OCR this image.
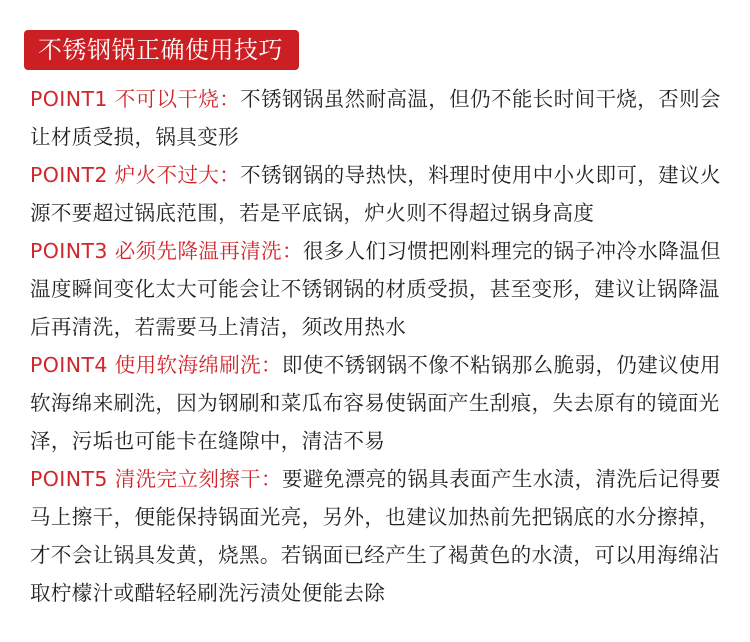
不锈钢锅正确使用技巧

POINT1 不可以干烧：不锈钢锅虽然耐高温，但仍不能长时间干烧，否则会让材质受损，锅具变形

POINT2 炉火不过大：不锈钢锅的导热快，料理时使用中小火即可，建议火源不要超过锅底范围，若是平底锅，炉火则不得超过锅身高度

POINT3 必须先降温再清洗：很多人们习惯把刚料理完的锅子冲冷水降温但温度瞬间变化太大可能会让不锈钢锅的材质受损，甚至变形，建议让锅降温后再清洗，若需要马上清洁，须改用热水

POINT4 使用软海绵刷洗：即使不锈钢锅不像不粘锅那么脆弱，仍建议使用软海绵来刷洗，因为钢刷和菜瓜布容易使锅面产生刮痕，失去原有的镜面光泽，污垢也可能卡在缝隙中，清洁不易

POINT5 清洗完立刻擦干：要避免漂亮的锅具表面产生水渍，清洗后记得要马上擦干，便能保持锅面光亮，另外，也建议加热前先把锅底的水分擦掉，才不会让锅具发黄，烧黑。若锅面已经产生了褐黄色的水渍，可以用海绵沾取柠檬汁或醋轻轻刷洗污渍处便能去除
